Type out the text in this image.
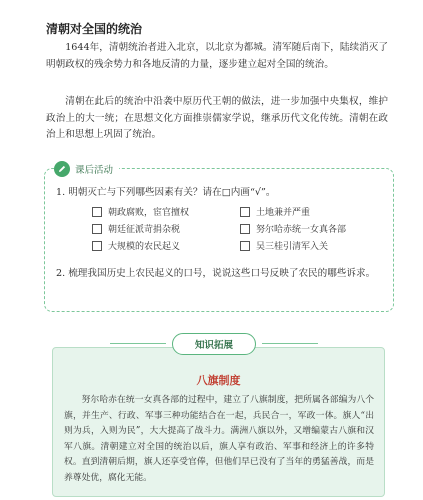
清朝对全国的统治

1644年，清朝统治者进入北京，以北京为都城。清军随后南下，陆续消灭了明朝政权的残余势力和各地反清的力量，逐步建立起对全国的统治。

清朝在此后的统治中沿袭中原历代王朝的做法，进一步加强中央集权，维护政治上的大一统；在思想文化方面推崇儒家学说，继承历代文化传统。清朝在政治上和思想上巩固了统治。

课后活动

1. 明朝灭亡与下列哪些因素有关？请在□内画“√”。

朝政腐败，宦官擅权	土地兼并严重
朝廷征派苛捐杂税	努尔哈赤统一女真各部
大规模的农民起义	吴三桂引清军入关

2. 梳理我国历史上农民起义的口号，说说这些口号反映了农民的哪些诉求。

知识拓展
八旗制度

努尔哈赤在统一女真各部的过程中，建立了八旗制度，把所属各部编为八个旗，并生产、行政、军事三种功能结合在一起，兵民合一，军政一体。旗人“出则为兵，入则为民”，大大提高了战斗力。满洲八旗以外，又增编蒙古八旗和汉军八旗。清朝建立对全国的统治以后，旗人享有政治、军事和经济上的许多特权。直到清朝后期，旗人还享受官俸，但他们早已没有了当年的勇猛善战，而是养尊处优，腐化无能。
